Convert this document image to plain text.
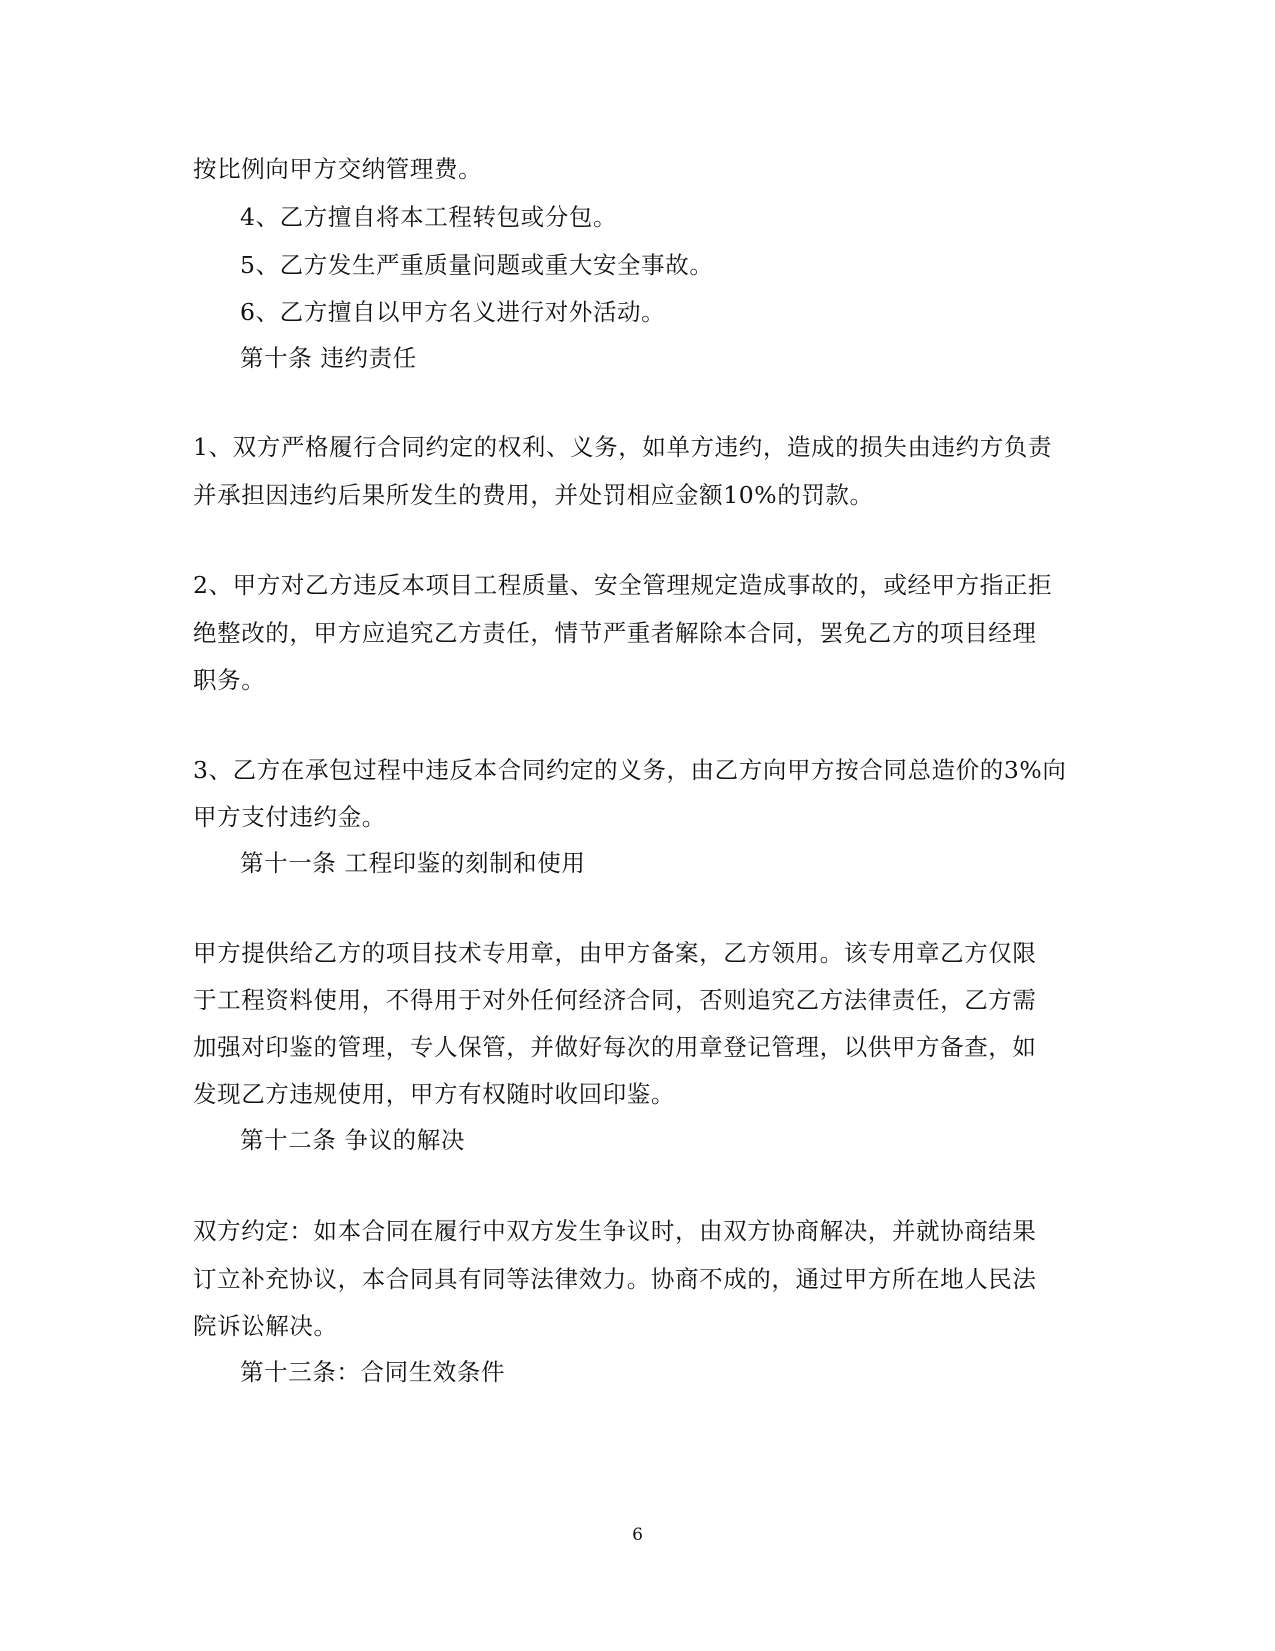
按比例向甲方交纳管理费。
4、乙方擅自将本工程转包或分包。
5、乙方发生严重质量问题或重大安全事故。
6、乙方擅自以甲方名义进行对外活动。
第十条 违约责任
1、双方严格履行合同约定的权利、义务，如单方违约，造成的损失由违约方负责
并承担因违约后果所发生的费用，并处罚相应金额10%的罚款。
2、甲方对乙方违反本项目工程质量、安全管理规定造成事故的，或经甲方指正拒
绝整改的，甲方应追究乙方责任，情节严重者解除本合同，罢免乙方的项目经理
职务。
3、乙方在承包过程中违反本合同约定的义务，由乙方向甲方按合同总造价的3%向
甲方支付违约金。
第十一条 工程印鉴的刻制和使用
甲方提供给乙方的项目技术专用章，由甲方备案，乙方领用。该专用章乙方仅限
于工程资料使用，不得用于对外任何经济合同，否则追究乙方法律责任，乙方需
加强对印鉴的管理，专人保管，并做好每次的用章登记管理，以供甲方备查，如
发现乙方违规使用，甲方有权随时收回印鉴。
第十二条 争议的解决
双方约定：如本合同在履行中双方发生争议时，由双方协商解决，并就协商结果
订立补充协议，本合同具有同等法律效力。协商不成的，通过甲方所在地人民法
院诉讼解决。
第十三条：合同生效条件
6
